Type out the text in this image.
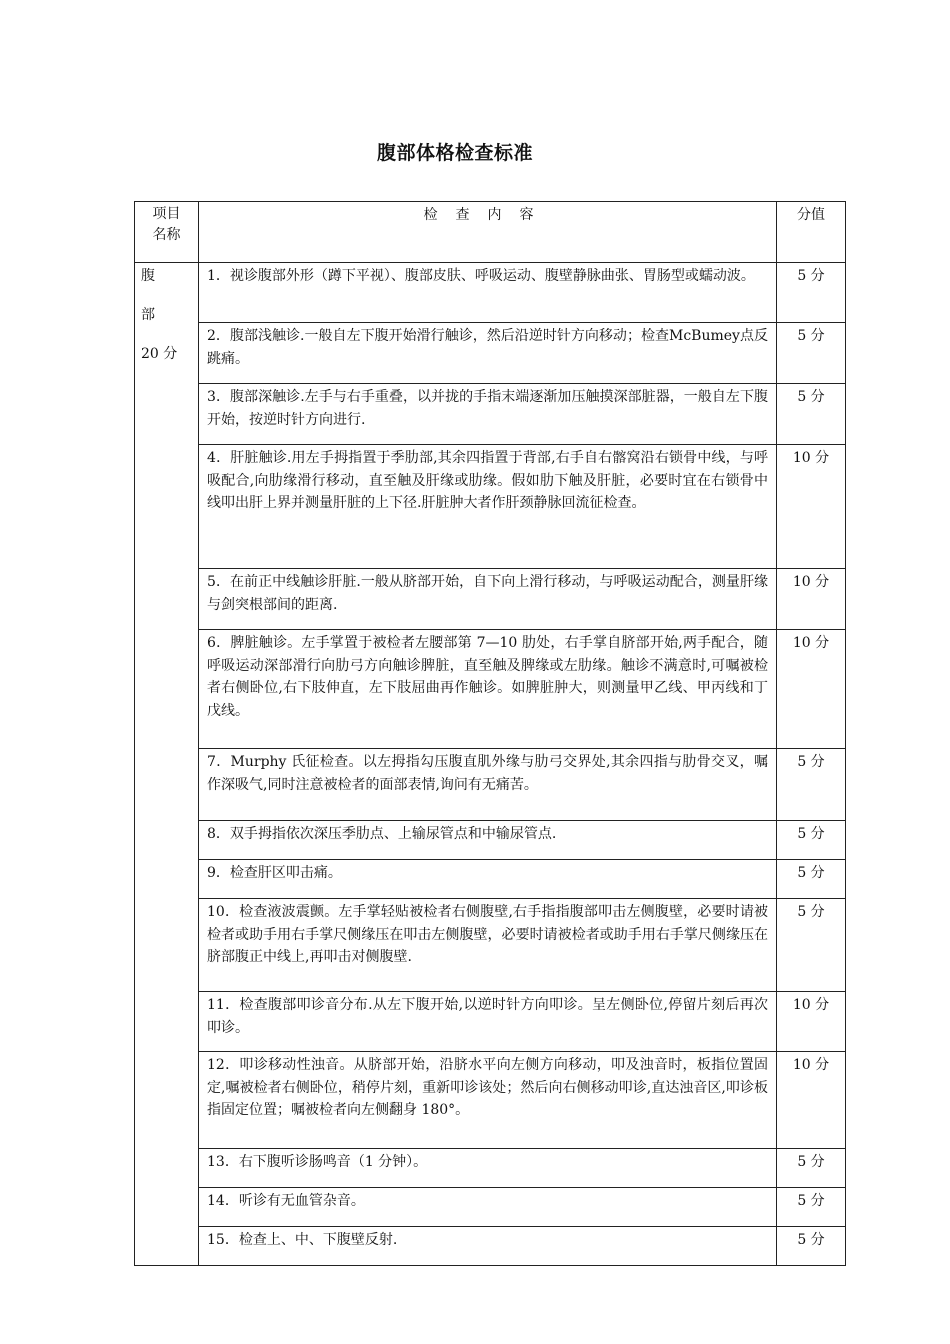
腹部体格检查标准
项目
名称	检查内容	分值

腹
部
20 分	1．视诊腹部外形（蹲下平视）、腹部皮肤、呼吸运动、腹壁静脉曲张、胃肠型或蠕动波。	5 分
	2．腹部浅触诊.一般自左下腹开始滑行触诊，然后沿逆时针方向移动；检查McBumey点反跳痛。	5 分
	3．腹部深触诊.左手与右手重叠，以并拢的手指末端逐渐加压触摸深部脏器，一般自左下腹开始，按逆时针方向进行.	5 分
	4．肝脏触诊.用左手拇指置于季肋部,其余四指置于背部,右手自右髂窝沿右锁骨中线，与呼吸配合,向肋缘滑行移动，直至触及肝缘或肋缘。假如肋下触及肝脏，必要时宜在右锁骨中线叩出肝上界并测量肝脏的上下径.肝脏肿大者作肝颈静脉回流征检查。	10 分
	5．在前正中线触诊肝脏.一般从脐部开始，自下向上滑行移动，与呼吸运动配合，测量肝缘与剑突根部间的距离.	10 分
	6．脾脏触诊。左手掌置于被检者左腰部第 7—10 肋处，右手掌自脐部开始,两手配合，随呼吸运动深部滑行向肋弓方向触诊脾脏，直至触及脾缘或左肋缘。触诊不满意时,可嘱被检者右侧卧位,右下肢伸直，左下肢屈曲再作触诊。如脾脏肿大，则测量甲乙线、甲丙线和丁戊线。	10 分
	7．Murphy 氏征检查。以左拇指勾压腹直肌外缘与肋弓交界处,其余四指与肋骨交叉，嘱作深吸气,同时注意被检者的面部表情,询问有无痛苦。	5 分
	8．双手拇指依次深压季肋点、上输尿管点和中输尿管点.	5 分
	9．检查肝区叩击痛。	5 分
	10．检查液波震颤。左手掌轻贴被检者右侧腹壁,右手指指腹部叩击左侧腹壁，必要时请被检者或助手用右手掌尺侧缘压在叩击左侧腹壁，必要时请被检者或助手用右手掌尺侧缘压在脐部腹正中线上,再叩击对侧腹壁.	5 分
	11．检查腹部叩诊音分布.从左下腹开始,以逆时针方向叩诊。呈左侧卧位,停留片刻后再次叩诊。	10 分
	12．叩诊移动性浊音。从脐部开始，沿脐水平向左侧方向移动，叩及浊音时，板指位置固定,嘱被检者右侧卧位，稍停片刻，重新叩诊该处；然后向右侧移动叩诊,直达浊音区,叩诊板指固定位置；嘱被检者向左侧翻身 180°。	10 分
	13．右下腹听诊肠鸣音（1 分钟）。	5 分
	14．听诊有无血管杂音。	5 分
	15．检查上、中、下腹壁反射.	5 分
